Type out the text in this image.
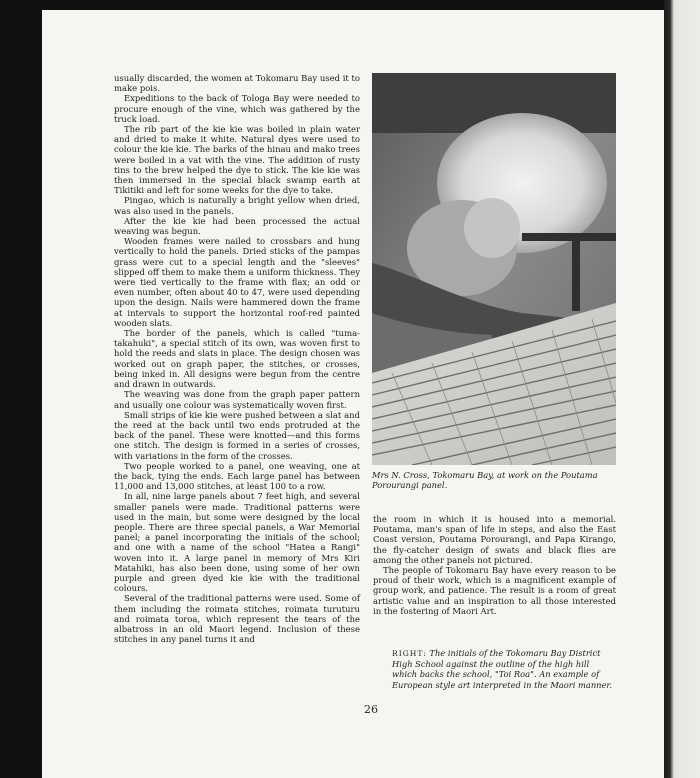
usually discarded, the women at Tokomaru Bay used it to make pois.

Expeditions to the back of Tologa Bay were needed to procure enough of the vine, which was gathered by the truck load.

The rib part of the kie kie was boiled in plain water and dried to make it white. Natural dyes were used to colour the kie kie. The barks of the hinau and mako trees were boiled in a vat with the vine. The addition of rusty tins to the brew helped the dye to stick. The kie kie was then immersed in the special black swamp earth at Tikitiki and left for some weeks for the dye to take.

Pingao, which is naturally a bright yellow when dried, was also used in the panels.

After the kie kie had been processed the actual weaving was begun.

Wooden frames were nailed to crossbars and hung vertically to hold the panels. Dried sticks of the pampas grass were cut to a special length and the "sleeves" slipped off them to make them a uniform thickness. They were tied vertically to the frame with flax; an odd or even number, often about 40 to 47, were used depending upon the design. Nails were hammered down the frame at intervals to support the horizontal roof-red painted wooden slats.

The border of the panels, which is called "tuma-takahuki", a special stitch of its own, was woven first to hold the reeds and slats in place. The design chosen was worked out on graph paper, the stitches, or crosses, being inked in. All designs were begun from the centre and drawn in outwards.

The weaving was done from the graph paper pattern and usually one colour was systematically woven first.

Small strips of kie kie were pushed between a slat and the reed at the back until two ends protruded at the back of the panel. These were knotted—and this forms one stitch. The design is formed in a series of crosses, with variations in the form of the crosses.

Two people worked to a panel, one weaving, one at the back, tying the ends. Each large panel has between 11,000 and 13,000 stitches, at least 100 to a row.

In all, nine large panels about 7 feet high, and several smaller panels were made. Traditional patterns were used in the main, but some were designed by the local people. There are three special panels, a War Memorial panel; a panel incorporating the initials of the school; and one with a name of the school "Hatea a Rangi" woven into it. A large panel in memory of Mrs Kiri Matahiki, has also been done, using some of her own purple and green dyed kie kie with the traditional colours.

Several of the traditional patterns were used. Some of them including the roimata stitches, roimata turuturu and roimata toroa, which represent the tears of the albatross in an old Maori legend. Inclusion of these stitches in any panel turns it and

Mrs N. Cross, Tokomaru Bay, at work on the Poutama Porourangi panel.

the room in which it is housed into a memorial. Poutama, man's span of life in steps, and also the East Coast version, Poutama Porourangi, and Papa Kirango, the fly-catcher design of swats and black flies are among the other panels not pictured.

The people of Tokomaru Bay have every reason to be proud of their work, which is a magnificent example of group work, and patience. The result is a room of great artistic value and an inspiration to all those interested in the fostering of Maori Art.

RIGHT: The initials of the Tokomaru Bay District High School against the outline of the high hill which backs the school, "Toi Roa". An example of European style art interpreted in the Maori manner.
26
